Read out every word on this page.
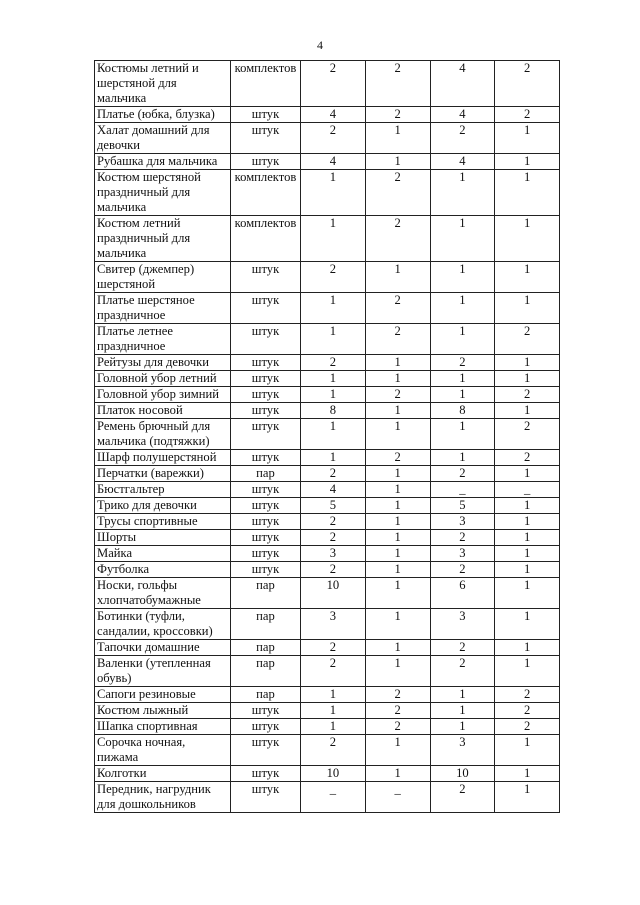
4
Костюмы летний и шерстяной для мальчика	комплектов	2	2	4	2
Платье (юбка, блузка)	штук	4	2	4	2
Халат домашний для девочки	штук	2	1	2	1
Рубашка для мальчика	штук	4	1	4	1
Костюм шерстяной праздничный для мальчика	комплектов	1	2	1	1
Костюм летний праздничный для мальчика	комплектов	1	2	1	1
Свитер (джемпер) шерстяной	штук	2	1	1	1
Платье шерстяное праздничное	штук	1	2	1	1
Платье летнее праздничное	штук	1	2	1	2
Рейтузы для девочки	штук	2	1	2	1
Головной убор летний	штук	1	1	1	1
Головной убор зимний	штук	1	2	1	2
Платок носовой	штук	8	1	8	1
Ремень брючный для мальчика (подтяжки)	штук	1	1	1	2
Шарф полушерстяной	штук	1	2	1	2
Перчатки (варежки)	пар	2	1	2	1
Бюстгальтер	штук	4	1	_	_
Трико для девочки	штук	5	1	5	1
Трусы спортивные	штук	2	1	3	1
Шорты	штук	2	1	2	1
Майка	штук	3	1	3	1
Футболка	штук	2	1	2	1
Носки, гольфы хлопчатобумажные	пар	10	1	6	1
Ботинки (туфли, сандалии, кроссовки)	пар	3	1	3	1
Тапочки домашние	пар	2	1	2	1
Валенки (утепленная обувь)	пар	2	1	2	1
Сапоги резиновые	пар	1	2	1	2
Костюм лыжный	штук	1	2	1	2
Шапка спортивная	штук	1	2	1	2
Сорочка ночная, пижама	штук	2	1	3	1
Колготки	штук	10	1	10	1
Передник, нагрудник для дошкольников	штук	_	_	2	1
